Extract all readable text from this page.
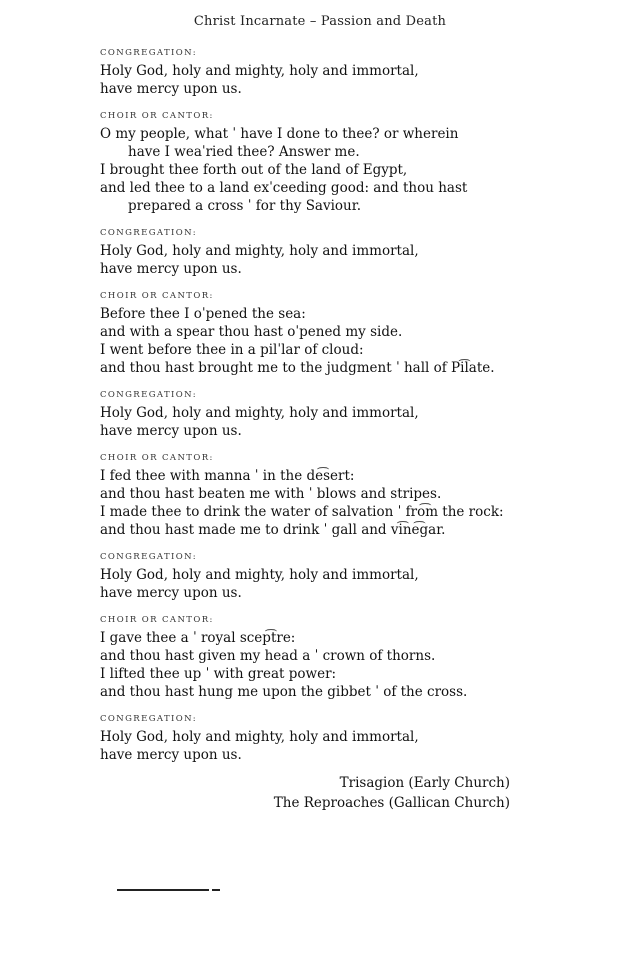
Christ Incarnate – Passion and Death
CONGREGATION:
Holy God, holy and mighty, holy and immortal,
have mercy upon us.
CHOIR OR CANTOR:
O my people, what ˈ have I done to thee? or wherein
have I weaˈried thee? Answer me.
I brought thee forth out of the land of Egypt,
and led thee to a land exˈceeding good: and thou hast
prepared a cross ˈ for thy Saviour.
CONGREGATION:
Holy God, holy and mighty, holy and immortal,
have mercy upon us.
CHOIR OR CANTOR:
Before thee I oˈpened the sea:
and with a spear thou hast oˈpened my side.
I went before thee in a pilˈlar of cloud:
and thou hast brought me to the judgment ˈ hall of Pi͡late.
CONGREGATION:
Holy God, holy and mighty, holy and immortal,
have mercy upon us.
CHOIR OR CANTOR:
I fed thee with manna ˈ in the de͡sert:
and thou hast beaten me with ˈ blows and stripes.
I made thee to drink the water of salvation ˈ fro͡m the rock:
and thou hast made me to drink ˈ gall and vi͡ne͡gar.
CONGREGATION:
Holy God, holy and mighty, holy and immortal,
have mercy upon us.
CHOIR OR CANTOR:
I gave thee a ˈ royal scep͡tre:
and thou hast given my head a ˈ crown of thorns.
I lifted thee up ˈ with great power:
and thou hast hung me upon the gibbet ˈ of the cross.
CONGREGATION:
Holy God, holy and mighty, holy and immortal,
have mercy upon us.
Trisagion (Early Church)
The Reproaches (Gallican Church)
